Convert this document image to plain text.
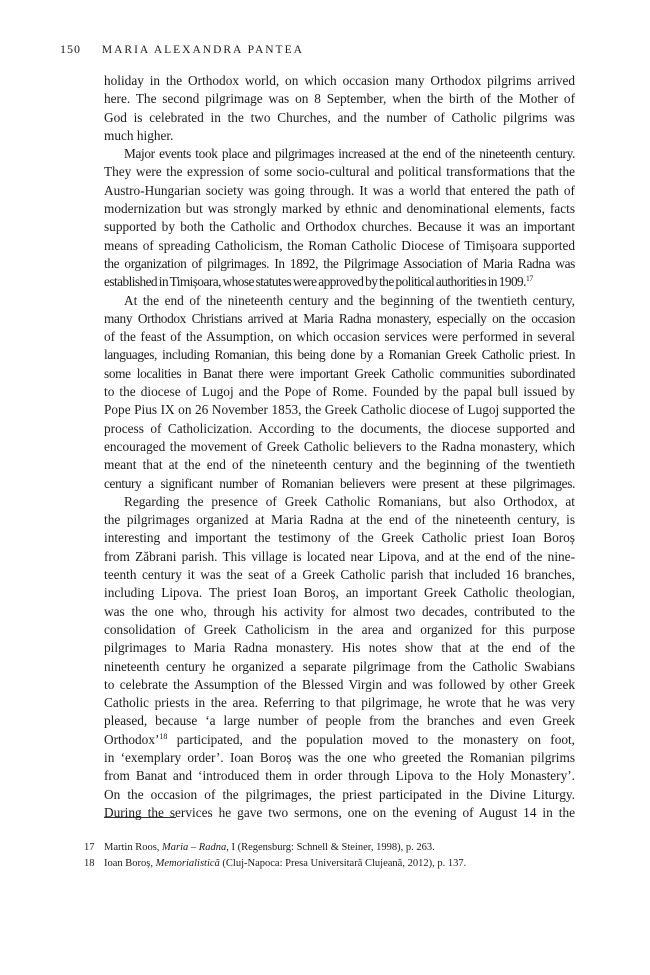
150 MARIA ALEXANDRA PANTEA
holiday in the Orthodox world, on which occasion many Orthodox pilgrims arrived
here. The second pilgrimage was on 8 September, when the birth of the Mother of
God is celebrated in the two Churches, and the number of Catholic pilgrims was
much higher.
Major events took place and pilgrimages increased at the end of the nineteenth century.
They were the expression of some socio-cultural and political transformations that the
Austro-Hungarian society was going through. It was a world that entered the path of
modernization but was strongly marked by ethnic and denominational elements, facts
supported by both the Catholic and Orthodox churches. Because it was an important
means of spreading Catholicism, the Roman Catholic Diocese of Timișoara supported
the organization of pilgrimages. In 1892, the Pilgrimage Association of Maria Radna was
established in Timișoara, whose statutes were approved by the political authorities in 1909.17
At the end of the nineteenth century and the beginning of the twentieth century,
many Orthodox Christians arrived at Maria Radna monastery, especially on the occasion
of the feast of the Assumption, on which occasion services were performed in several
languages, including Romanian, this being done by a Romanian Greek Catholic priest. In
some localities in Banat there were important Greek Catholic communities subordinated
to the diocese of Lugoj and the Pope of Rome. Founded by the papal bull issued by
Pope Pius IX on 26 November 1853, the Greek Catholic diocese of Lugoj supported the
process of Catholicization. According to the documents, the diocese supported and
encouraged the movement of Greek Catholic believers to the Radna monastery, which
meant that at the end of the nineteenth century and the beginning of the twentieth
century a significant number of Romanian believers were present at these pilgrimages.
Regarding the presence of Greek Catholic Romanians, but also Orthodox, at
the pilgrimages organized at Maria Radna at the end of the nineteenth century, is
interesting and important the testimony of the Greek Catholic priest Ioan Boroș
from Zăbrani parish. This village is located near Lipova, and at the end of the nine-
teenth century it was the seat of a Greek Catholic parish that included 16 branches,
including Lipova. The priest Ioan Boroș, an important Greek Catholic theologian,
was the one who, through his activity for almost two decades, contributed to the
consolidation of Greek Catholicism in the area and organized for this purpose
pilgrimages to Maria Radna monastery. His notes show that at the end of the
nineteenth century he organized a separate pilgrimage from the Catholic Swabians
to celebrate the Assumption of the Blessed Virgin and was followed by other Greek
Catholic priests in the area. Referring to that pilgrimage, he wrote that he was very
pleased, because ‘a large number of people from the branches and even Greek
Orthodox’$^{18}$ participated, and the population moved to the monastery on foot,
in ‘exemplary order’. Ioan Boroș was the one who greeted the Romanian pilgrims
from Banat and ‘introduced them in order through Lipova to the Holy Monastery’.
On the occasion of the pilgrimages, the priest participated in the Divine Liturgy.
During the services he gave two sermons, one on the evening of August 14 in the
17 Martin Roos, Maria – Radna, I (Regensburg: Schnell & Steiner, 1998), p. 263.
18 Ioan Boroș, Memorialistică (Cluj-Napoca: Presa Universitară Clujeană, 2012), p. 137.
